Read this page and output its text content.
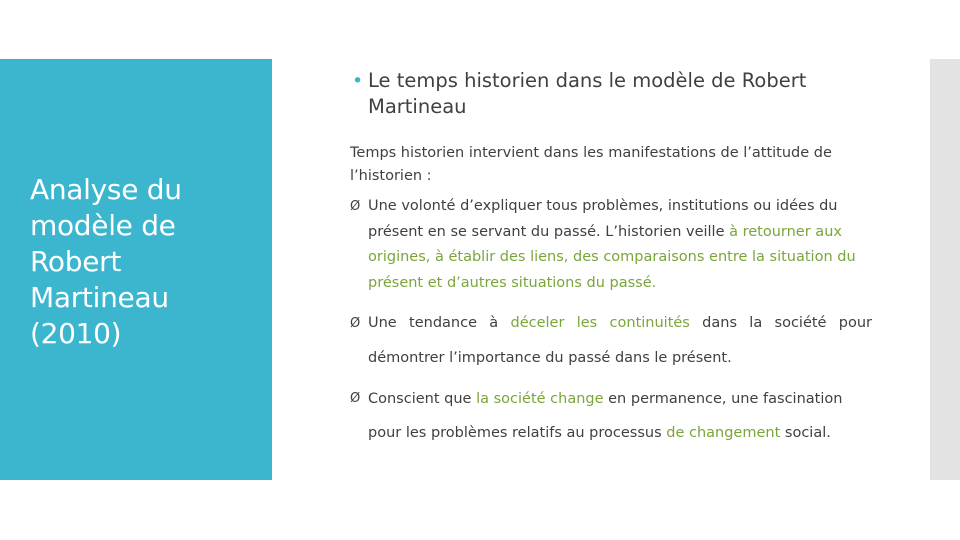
Analyse du modèle de Robert Martineau (2010)
• Le temps historien dans le modèle de Robert Martineau
Temps historien intervient dans les manifestations de l’attitude de l’historien :
Ø Une volonté d’expliquer tous problèmes, institutions ou idées du présent en se servant du passé. L’historien veille à retourner aux origines, à établir des liens, des comparaisons entre la situation du présent et d’autres situations du passé.
Ø Une tendance à déceler les continuités dans la société pour
démontrer l’importance du passé dans le présent.
Ø Conscient que la société change en permanence, une fascination
pour les problèmes relatifs au processus de changement social.
